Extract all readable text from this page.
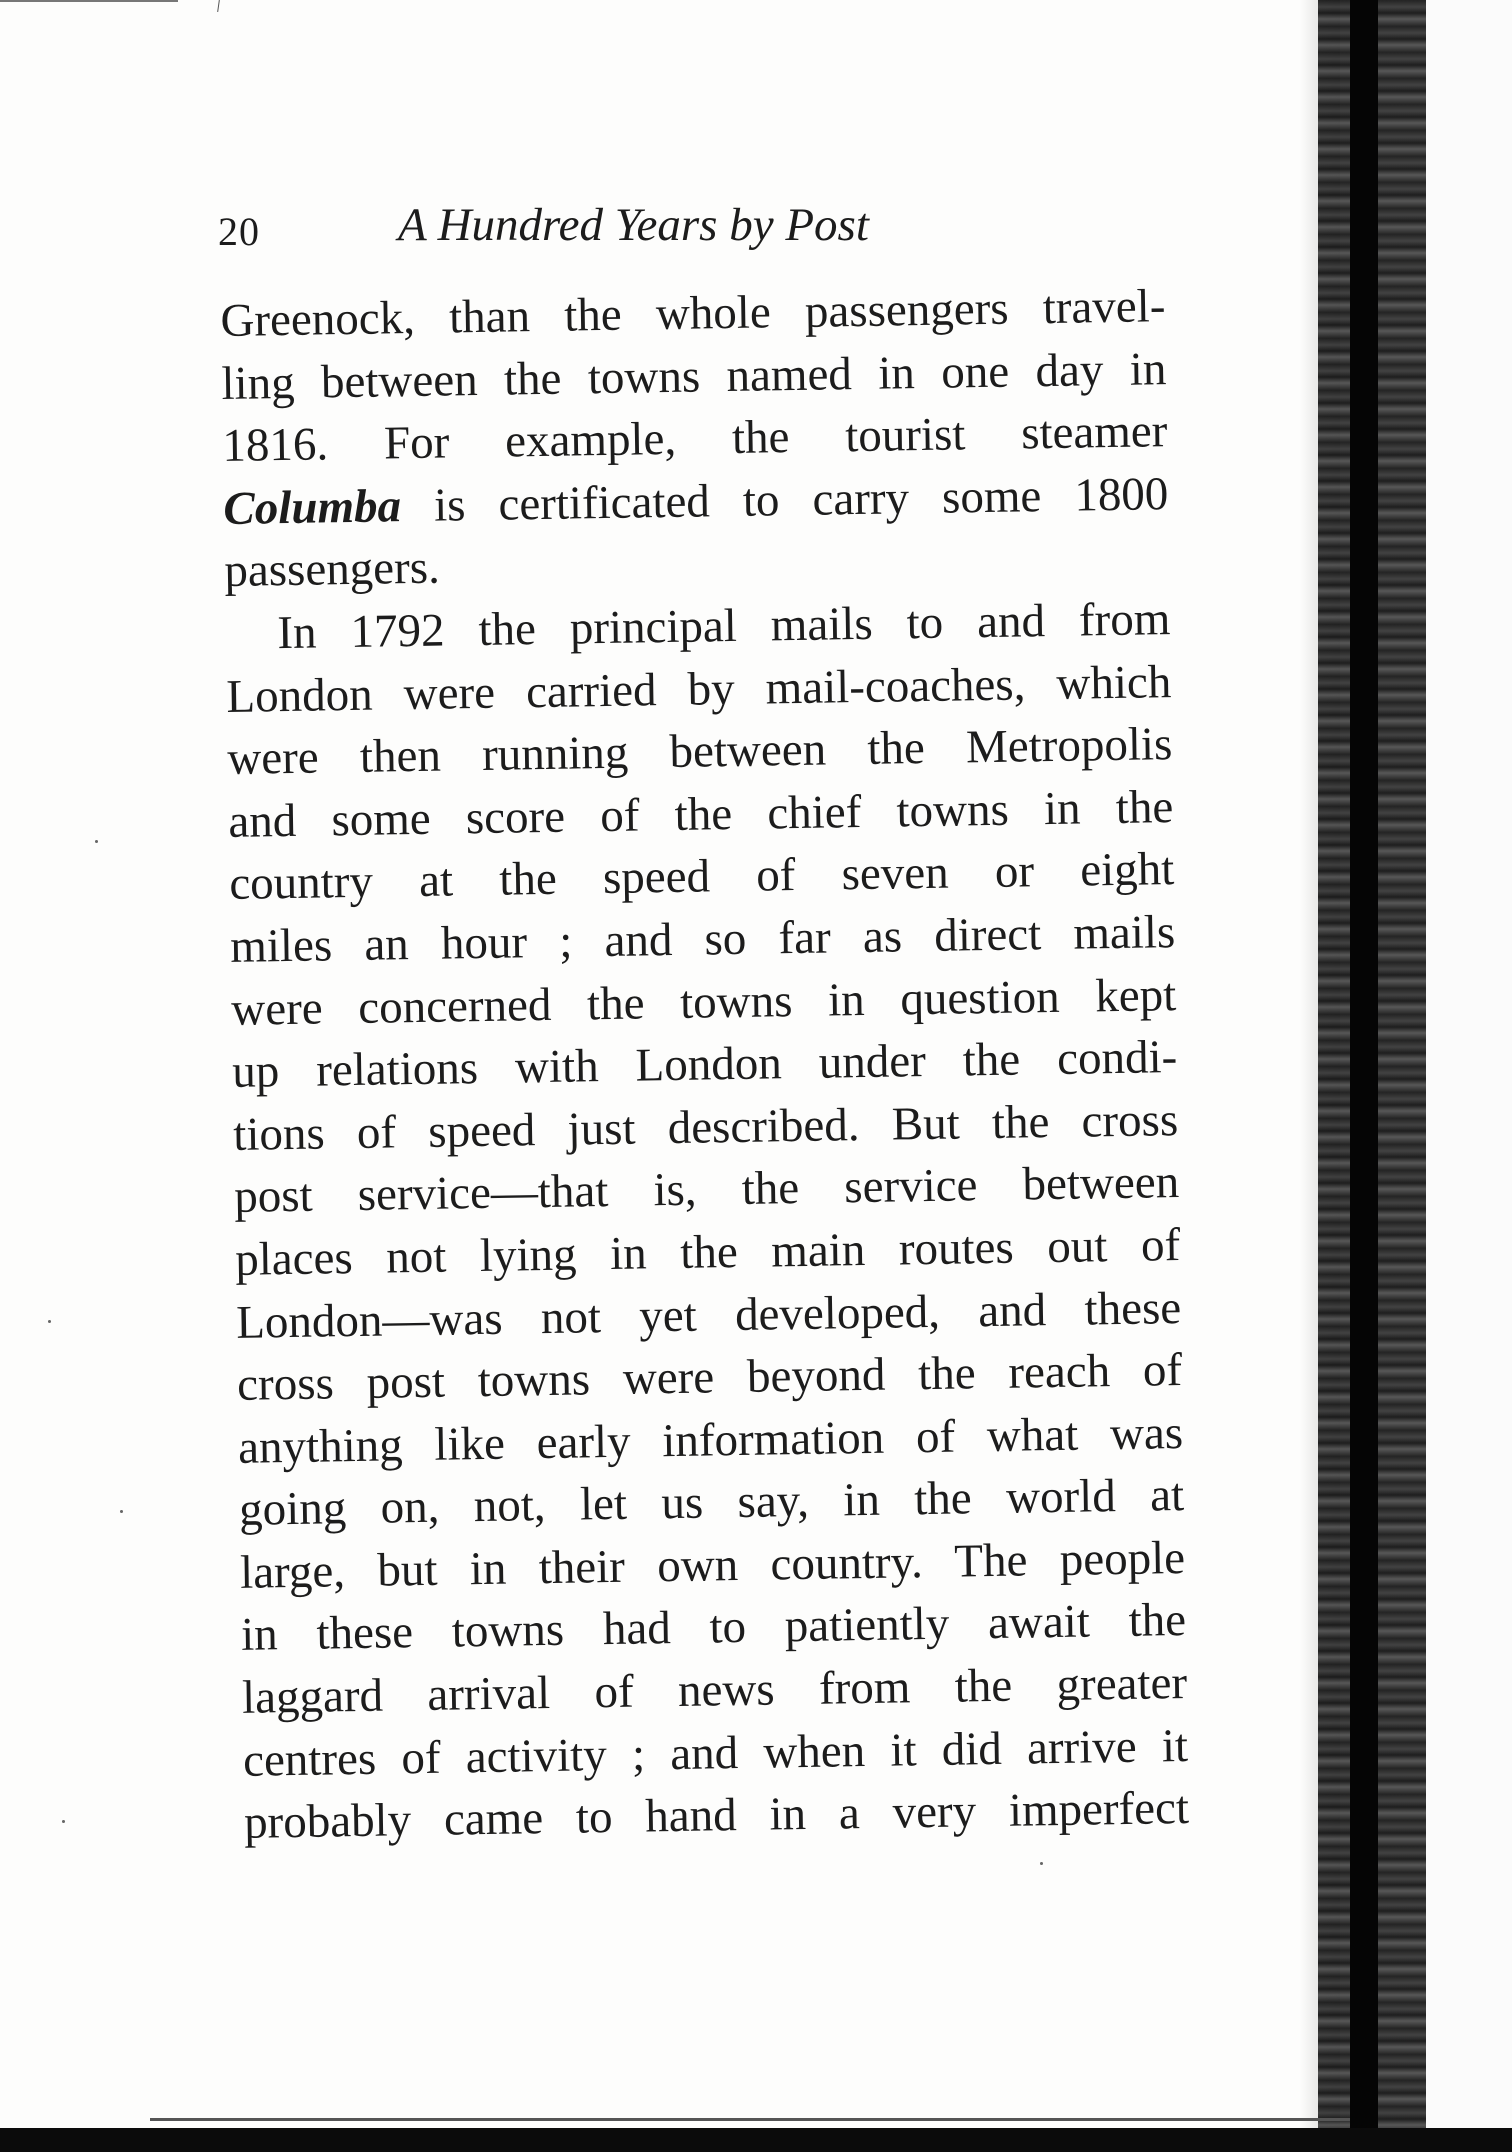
20	A Hundred Years by Post
Greenock, than the whole passengers travel-
ling between the towns named in one day in
1816. For example, the tourist steamer
Columba is certificated to carry some 1800
passengers.
In 1792 the principal mails to and from
London were carried by mail-coaches, which
were then running between the Metropolis
and some score of the chief towns in the
country at the speed of seven or eight
miles an hour ; and so far as direct mails
were concerned the towns in question kept
up relations with London under the condi-
tions of speed just described. But the cross
post service—that is, the service between
places not lying in the main routes out of
London—was not yet developed, and these
cross post towns were beyond the reach of
anything like early information of what was
going on, not, let us say, in the world at
large, but in their own country. The people
in these towns had to patiently await the
laggard arrival of news from the greater
centres of activity ; and when it did arrive it
probably came to hand in a very imperfect
